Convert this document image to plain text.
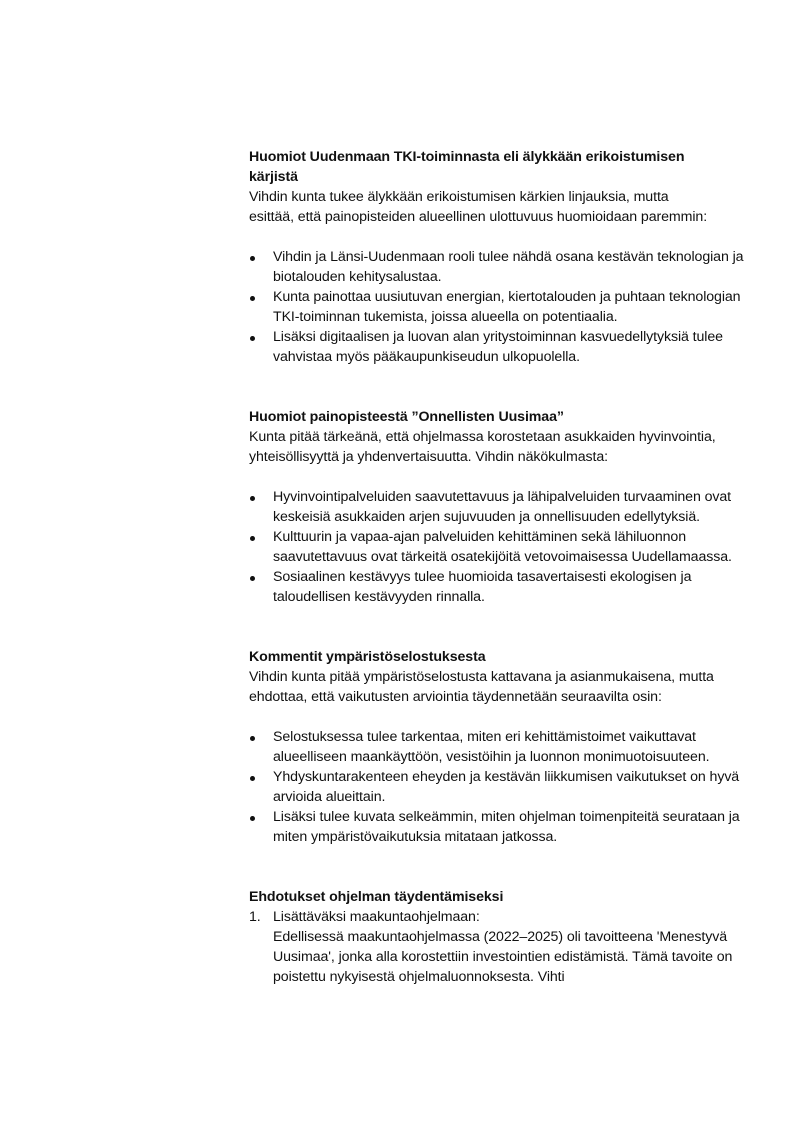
Huomiot Uudenmaan TKI-toiminnasta eli älykkään erikoistumisen kärjistä

Vihdin kunta tukee älykkään erikoistumisen kärkien linjauksia, mutta esittää, että painopisteiden alueellinen ulottuvuus huomioidaan paremmin:

Vihdin ja Länsi-Uudenmaan rooli tulee nähdä osana kestävän teknologian ja biotalouden kehitysalustaa.
Kunta painottaa uusiutuvan energian, kiertotalouden ja puhtaan teknologian TKI-toiminnan tukemista, joissa alueella on potentiaalia.
Lisäksi digitaalisen ja luovan alan yritystoiminnan kasvuedellytyksiä tulee vahvistaa myös pääkaupunkiseudun ulkopuolella.

Huomiot painopisteestä ”Onnellisten Uusimaa”

Kunta pitää tärkeänä, että ohjelmassa korostetaan asukkaiden hyvinvointia, yhteisöllisyyttä ja yhdenvertaisuutta. Vihdin näkökulmasta:

Hyvinvointipalveluiden saavutettavuus ja lähipalveluiden turvaaminen ovat keskeisiä asukkaiden arjen sujuvuuden ja onnellisuuden edellytyksiä.
Kulttuurin ja vapaa-ajan palveluiden kehittäminen sekä lähiluonnon saavutettavuus ovat tärkeitä osatekijöitä vetovoimaisessa Uudellamaassa.
Sosiaalinen kestävyys tulee huomioida tasavertaisesti ekologisen ja taloudellisen kestävyyden rinnalla.

Kommentit ympäristöselostuksesta

Vihdin kunta pitää ympäristöselostusta kattavana ja asianmukaisena, mutta ehdottaa, että vaikutusten arviointia täydennetään seuraavilta osin:

Selostuksessa tulee tarkentaa, miten eri kehittämistoimet vaikuttavat alueelliseen maankäyttöön, vesistöihin ja luonnon monimuotoisuuteen.
Yhdyskuntarakenteen eheyden ja kestävän liikkumisen vaikutukset on hyvä arvioida alueittain.
Lisäksi tulee kuvata selkeämmin, miten ohjelman toimenpiteitä seurataan ja miten ympäristövaikutuksia mitataan jatkossa.

Ehdotukset ohjelman täydentämiseksi

1. Lisättäväksi maakuntaohjelmaan:
Edellisessä maakuntaohjelmassa (2022–2025) oli tavoitteena 'Menestyvä Uusimaa', jonka alla korostettiin investointien edistämistä. Tämä tavoite on poistettu nykyisestä ohjelmaluonnoksesta. Vihti
